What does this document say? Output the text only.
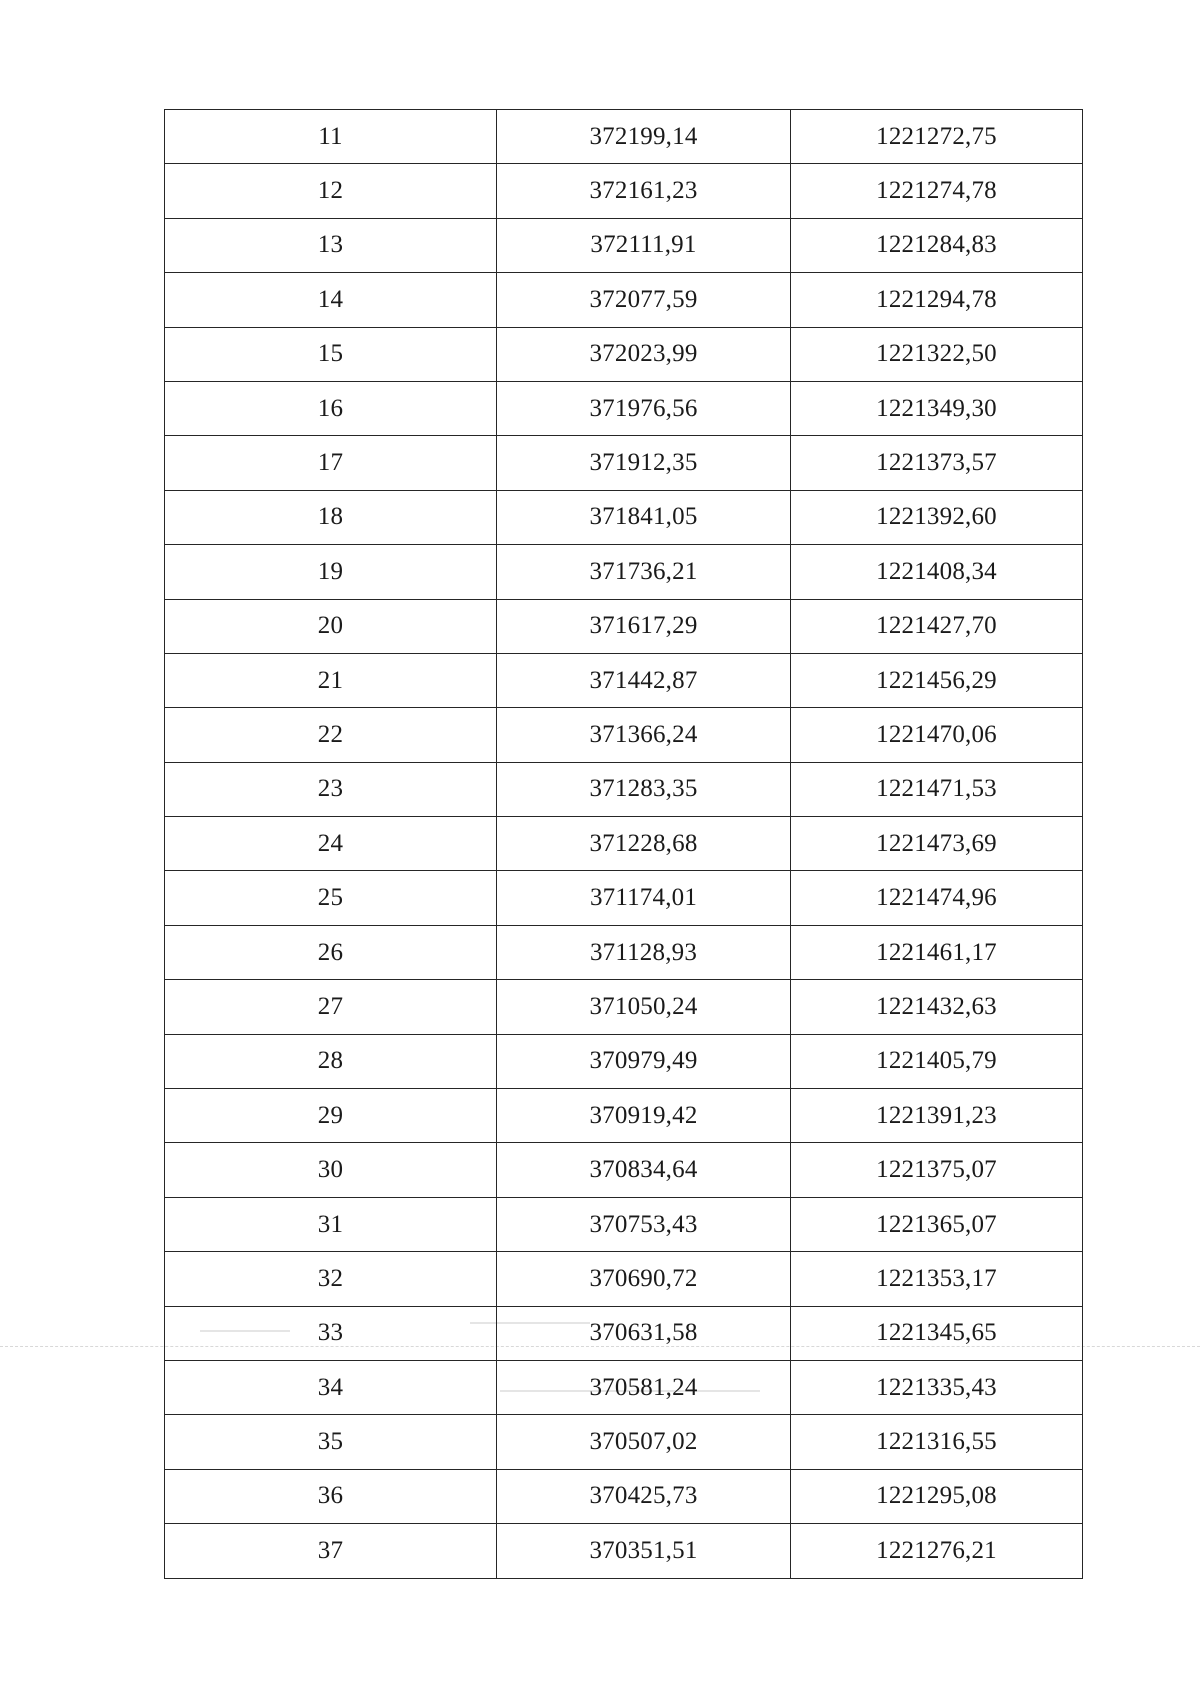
11	372199,14	1221272,75
12	372161,23	1221274,78
13	372111,91	1221284,83
14	372077,59	1221294,78
15	372023,99	1221322,50
16	371976,56	1221349,30
17	371912,35	1221373,57
18	371841,05	1221392,60
19	371736,21	1221408,34
20	371617,29	1221427,70
21	371442,87	1221456,29
22	371366,24	1221470,06
23	371283,35	1221471,53
24	371228,68	1221473,69
25	371174,01	1221474,96
26	371128,93	1221461,17
27	371050,24	1221432,63
28	370979,49	1221405,79
29	370919,42	1221391,23
30	370834,64	1221375,07
31	370753,43	1221365,07
32	370690,72	1221353,17
33	370631,58	1221345,65
34	370581,24	1221335,43
35	370507,02	1221316,55
36	370425,73	1221295,08
37	370351,51	1221276,21
